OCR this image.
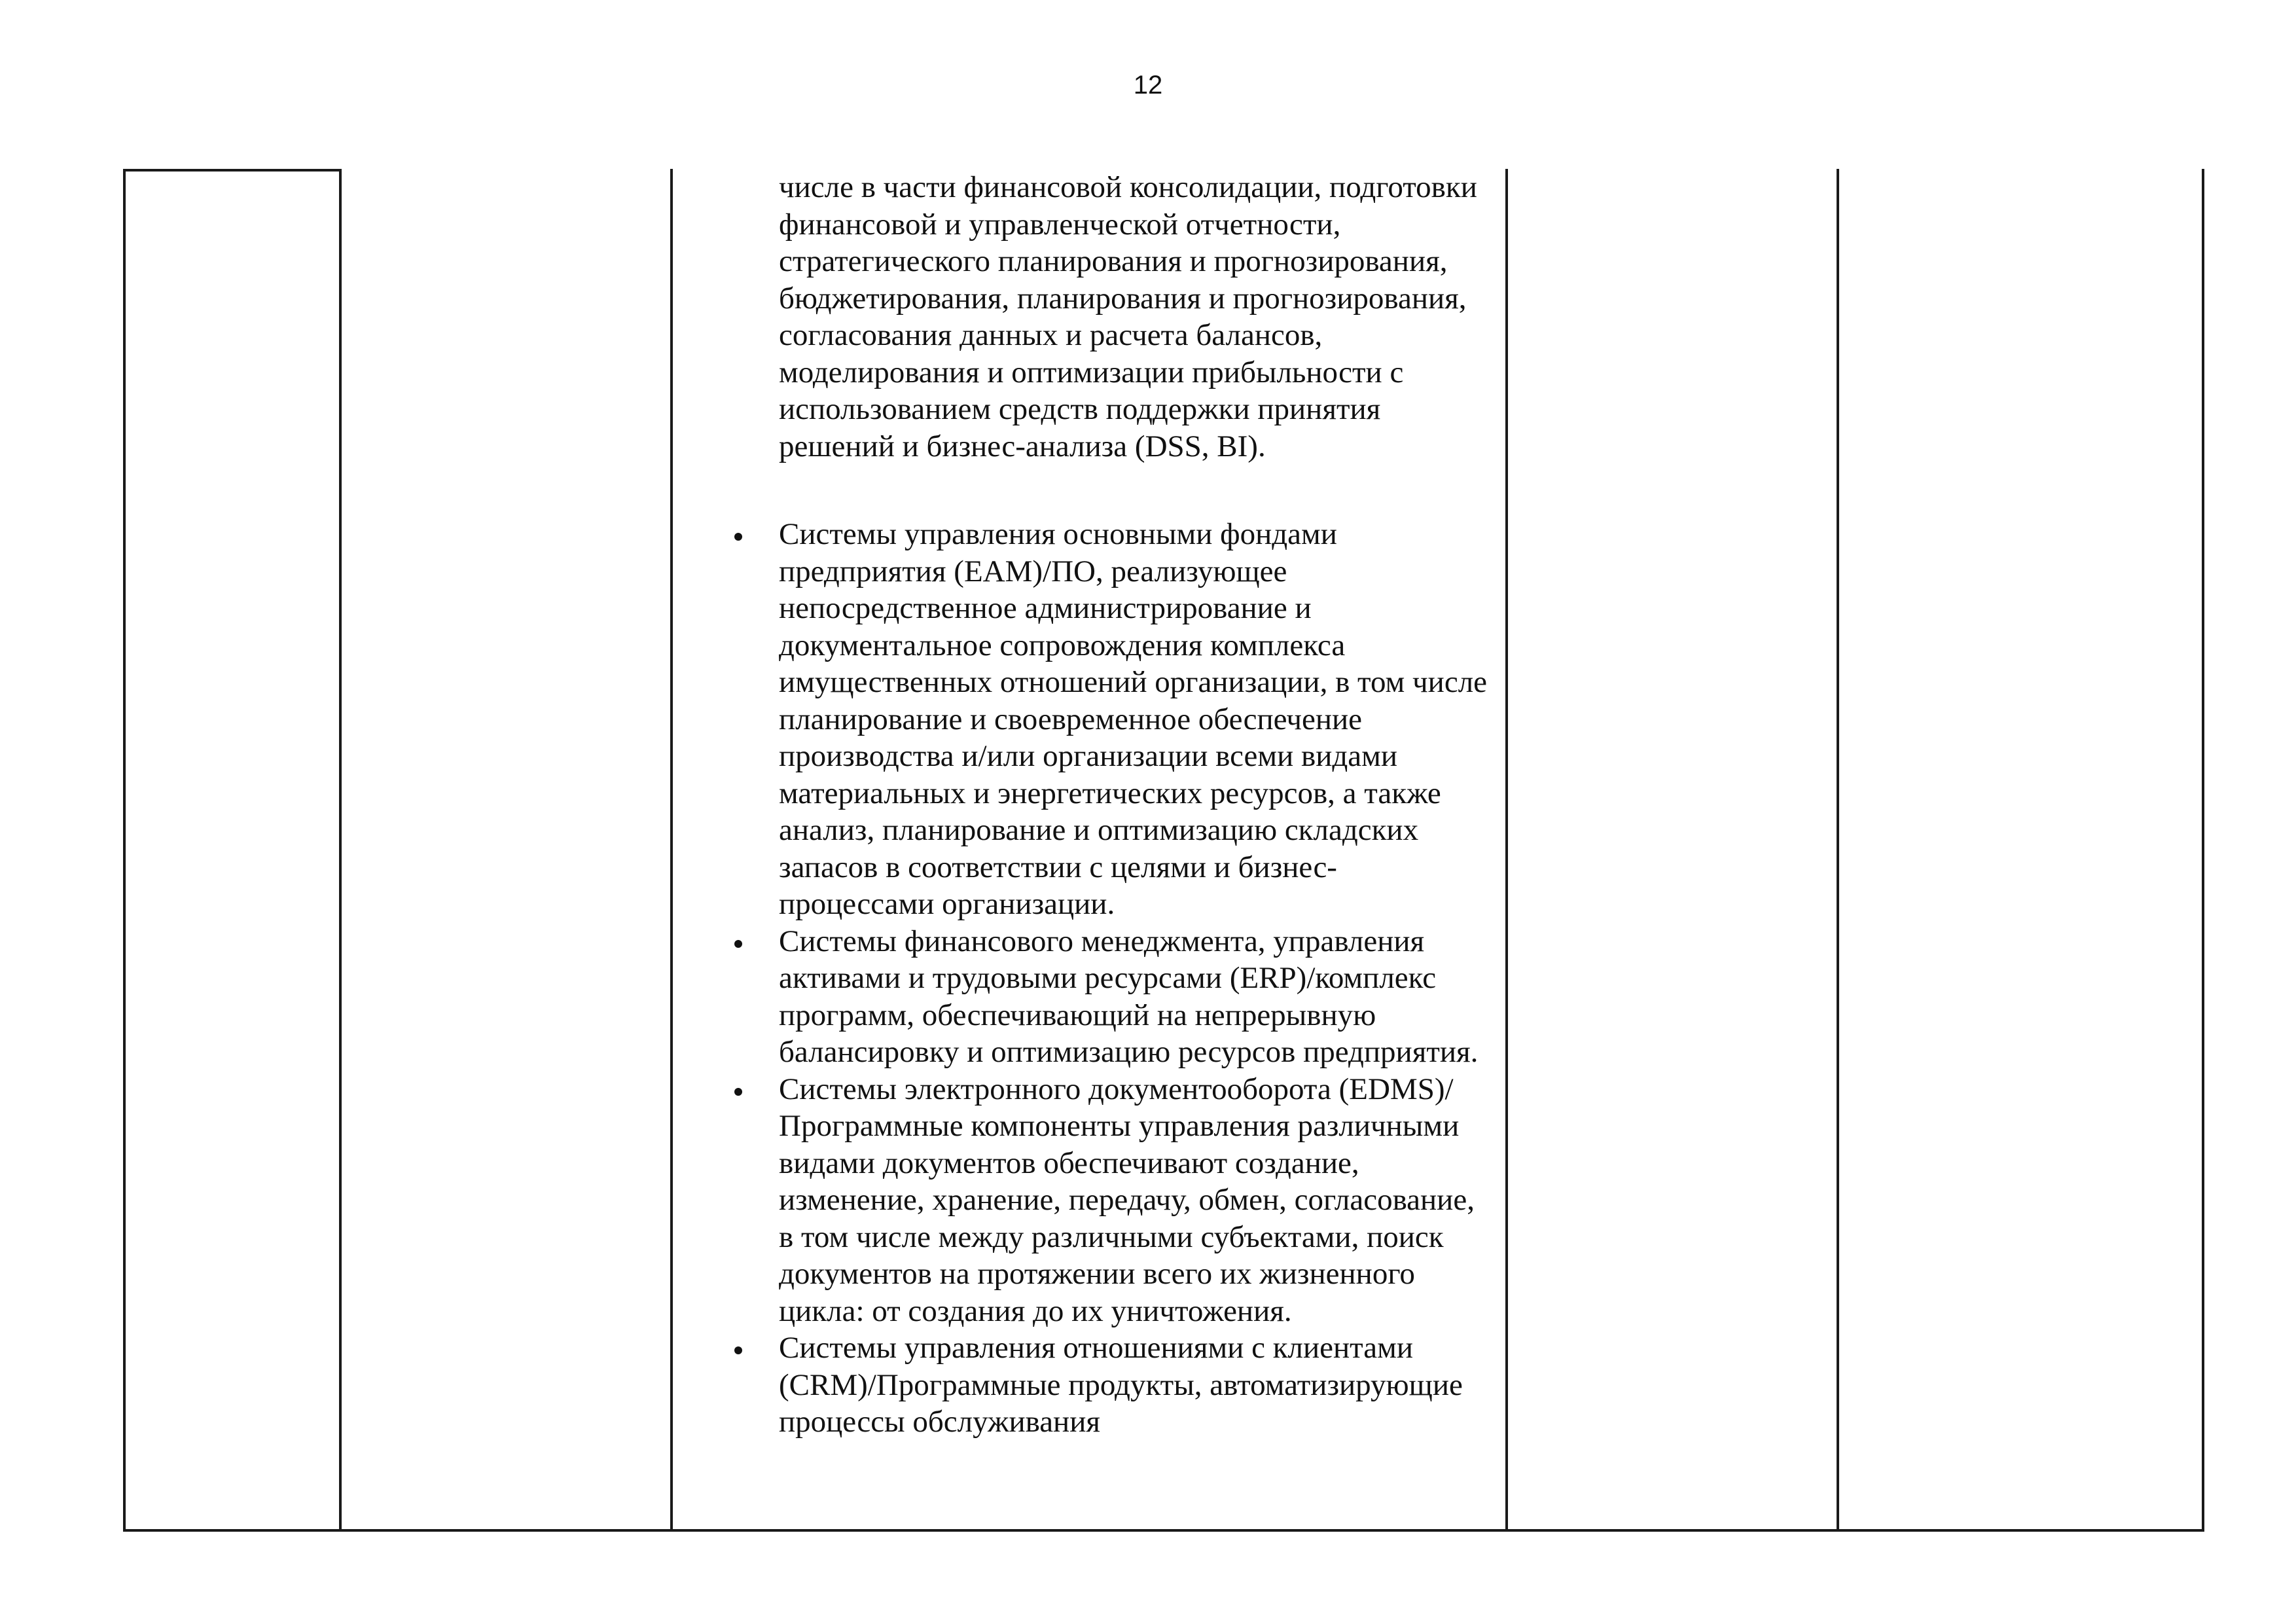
12
числе в части финансовой консолидации, подготовки финансовой и управленческой отчетности, стратегического планирования и прогнозирования, бюджетирования, планирования и прогнозирования, согласования данных и расчета балансов, моделирования и оптимизации прибыльности с использованием средств поддержки принятия решений и бизнес-анализа (DSS, BI).
Системы управления основными фондами предприятия (EAM)/ПО, реализующее непосредственное администрирование и документальное сопровождения комплекса имущественных отношений организации, в том числе планирование и своевременное обеспечение производства и/или организации всеми видами материальных и энергетических ресурсов, а также анализ, планирование и оптимизацию складских запасов в соответствии с целями и бизнес-процессами организации.
Системы финансового менеджмента, управления активами и трудовыми ресурсами (ERP)/комплекс программ, обеспечивающий на непрерывную балансировку и оптимизацию ресурсов предприятия.
Системы электронного документооборота (EDMS)/Программные компоненты управления различными видами документов обеспечивают создание, изменение, хранение, передачу, обмен, согласование, в том числе между различными субъектами, поиск документов на протяжении всего их жизненного цикла: от создания до их уничтожения.
Системы управления отношениями с клиентами (CRM)/Программные продукты, автоматизирующие процессы обслуживания
